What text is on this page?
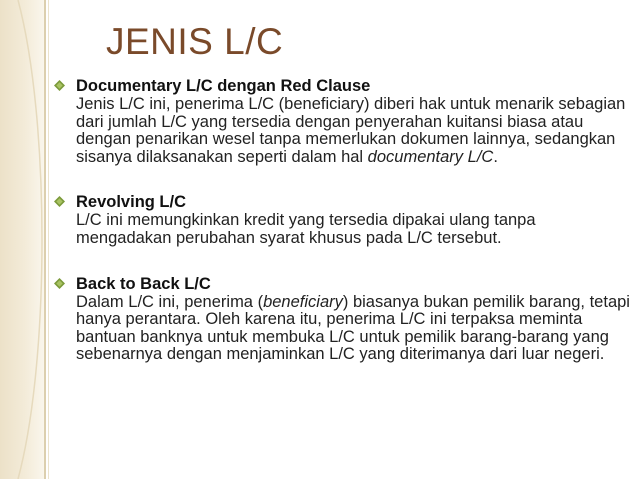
JENIS L/C
Documentary L/C dengan Red Clause
Jenis L/C ini, penerima L/C (beneficiary) diberi hak untuk menarik sebagian dari jumlah L/C yang tersedia dengan penyerahan kuitansi biasa atau dengan penarikan wesel tanpa memerlukan dokumen lainnya, sedangkan sisanya dilaksanakan seperti dalam hal documentary L/C.
Revolving L/C
L/C ini memungkinkan kredit yang tersedia dipakai ulang tanpa mengadakan perubahan syarat khusus pada L/C tersebut.
Back to Back L/C
Dalam L/C ini, penerima (beneficiary) biasanya bukan pemilik barang, tetapi hanya perantara. Oleh karena itu, penerima L/C ini terpaksa meminta bantuan banknya untuk membuka L/C untuk pemilik barang-barang yang sebenarnya dengan menjaminkan L/C yang diterimanya dari luar negeri.
